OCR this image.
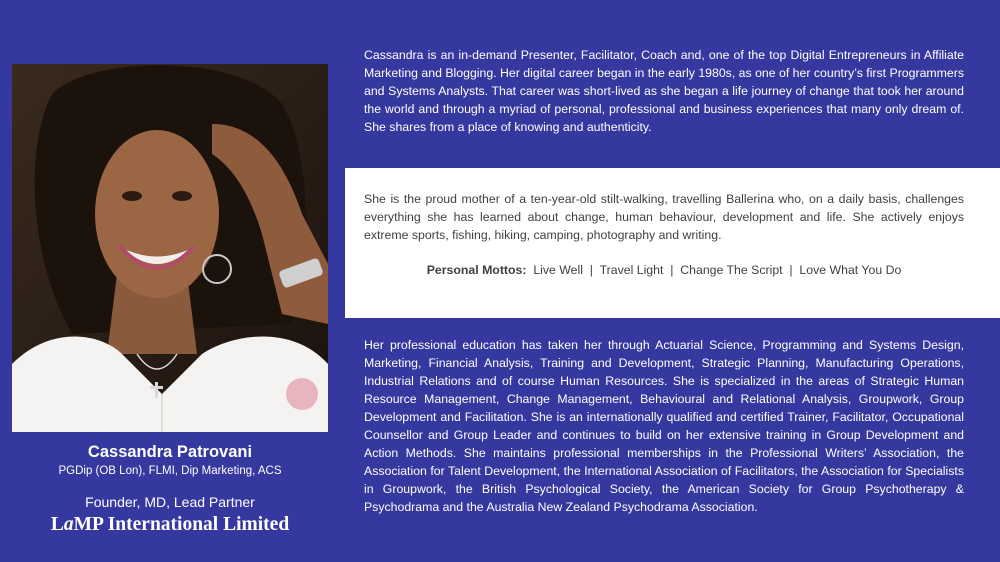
Cassandra is an in-demand Presenter, Facilitator, Coach and, one of the top Digital Entrepreneurs in Affiliate Marketing and Blogging. Her digital career began in the early 1980s, as one of her country’s first Programmers and Systems Analysts. That career was short-lived as she began a life journey of change that took her around the world and through a myriad of personal, professional and business experiences that many only dream of. She shares from a place of knowing and authenticity.

She is the proud mother of a ten-year-old stilt-walking, travelling Ballerina who, on a daily basis, challenges everything she has learned about change, human behaviour, development and life. She actively enjoys extreme sports, fishing, hiking, camping, photography and writing.

Personal Mottos: Live Well  |  Travel Light  |  Change The Script  |  Love What You Do

Her professional education has taken her through Actuarial Science, Programming and Systems Design, Marketing, Financial Analysis, Training and Development, Strategic Planning, Manufacturing Operations, Industrial Relations and of course Human Resources. She is specialized in the areas of Strategic Human Resource Management, Change Management, Behavioural and Relational Analysis, Groupwork, Group Development and Facilitation. She is an internationally qualified and certified Trainer, Facilitator, Occupational Counsellor and Group Leader and continues to build on her extensive training in Group Development and Action Methods. She maintains professional memberships in the Professional Writers’ Association, the Association for Talent Development, the International Association of Facilitators, the Association for Specialists in Groupwork, the British Psychological Society, the American Society for Group Psychotherapy & Psychodrama and the Australia New Zealand Psychodrama Association.

Cassandra Patrovani
PGDip (OB Lon), FLMI, Dip Marketing, ACS
Founder, MD, Lead Partner
LaMP International Limited
